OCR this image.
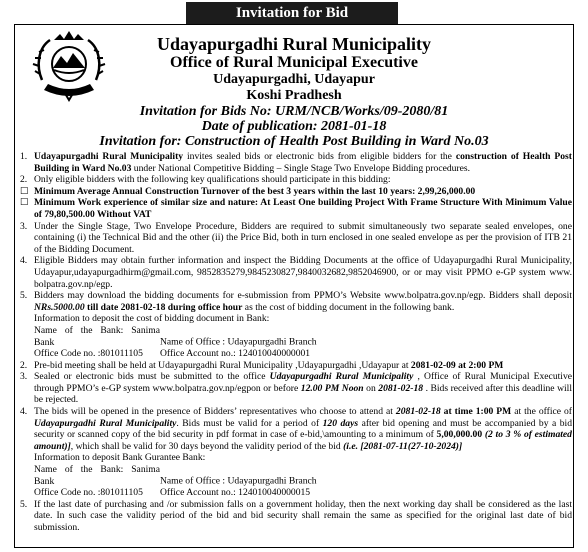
Invitation for Bid
Udayapurgadhi Rural Municipality
Office of Rural Municipal Executive
Udayapurgadhi, Udayapur
Koshi Pradhesh
Invitation for Bids No: URM/NCB/Works/09-2080/81
Date of publication: 2081-01-18
Invitation for: Construction of Health Post Building in Ward No.03
1. Udayapurgadhi Rural Municipality invites sealed bids or electronic bids from eligible bidders for the construction of Health Post Building in Ward No.03 under National Competitive Bidding – Single Stage Two Envelope Bidding procedures.
2. Only eligible bidders with the following key qualifications should participate in this bidding:
☐ Minimum Average Annual Construction Turnover of the best 3 years within the last 10 years: 2,99,26,000.00
☐ Minimum Work experience of similar size and nature: At Least One building Project With Frame Structure With Minimum Value of 79,80,500.00 Without VAT
3. Under the Single Stage, Two Envelope Procedure, Bidders are required to submit simultaneously two separate sealed envelopes, one containing (i) the Technical Bid and the other (ii) the Price Bid, both in turn enclosed in one sealed envelope as per the provision of ITB 21 of the Bidding Document.
4. Eligible Bidders may obtain further information and inspect the Bidding Documents at the office of Udayapurgadhi Rural Municipality, Udayapur,udayapurgadhirm@gmail.com, 9852835279,9845230827,9840032682,9852046900, or or may visit PPMO e-GP system www. bolpatra.gov.np/egp.
5. Bidders may download the bidding documents for e-submission from PPMO’s Website www.bolpatra.gov.np/egp. Bidders shall deposit NRs.5000.00 till date 2081-02-18 during office hour as the cost of bidding document in the following bank.
Information to deposit the cost of bidding document in Bank:
Name of the Bank: Sanima Bank	Name of Office : Udayapurgadhi Branch
Office Code no. :801011105 Office Account no.: 124010040000001
2. Pre-bid meeting shall be held at Udayapurgadhi Rural Municipality ,Udayapurgadhi ,Udayapur at 2081-02-09 at 2:00 PM
3. Sealed or electronic bids must be submitted to the office Udayapurgadhi Rural Municipality , Office of Rural Municipal Executive through PPMO’s e-GP system www.bolpatra.gov.np/egpon or before 12.00 PM Noon on 2081-02-18 . Bids received after this deadline will be rejected.
4. The bids will be opened in the presence of Bidders’ representatives who choose to attend at 2081-02-18 at time 1:00 PM at the office of Udayapurgadhi Rural Municipality. Bids must be valid for a period of 120 days after bid opening and must be accompanied by a bid security or scanned copy of the bid security in pdf format in case of e-bid,\amounting to a minimum of 5,00,000.00 (2 to 3 % of estimated amount)], which shall be valid for 30 days beyond the validity period of the bid (i.e. [2081-07-11(27-10-2024)]
Information to deposit Bank Gurantee Bank:
Name of the Bank: Sanima Bank	Name of Office : Udayapurgadhi Branch
Office Code no. :801011105 Office Account no.: 124010040000015
5. If the last date of purchasing and /or submission falls on a government holiday, then the next working day shall be considered as the last date. In such case the validity period of the bid and bid security shall remain the same as specified for the original last date of bid submission.
